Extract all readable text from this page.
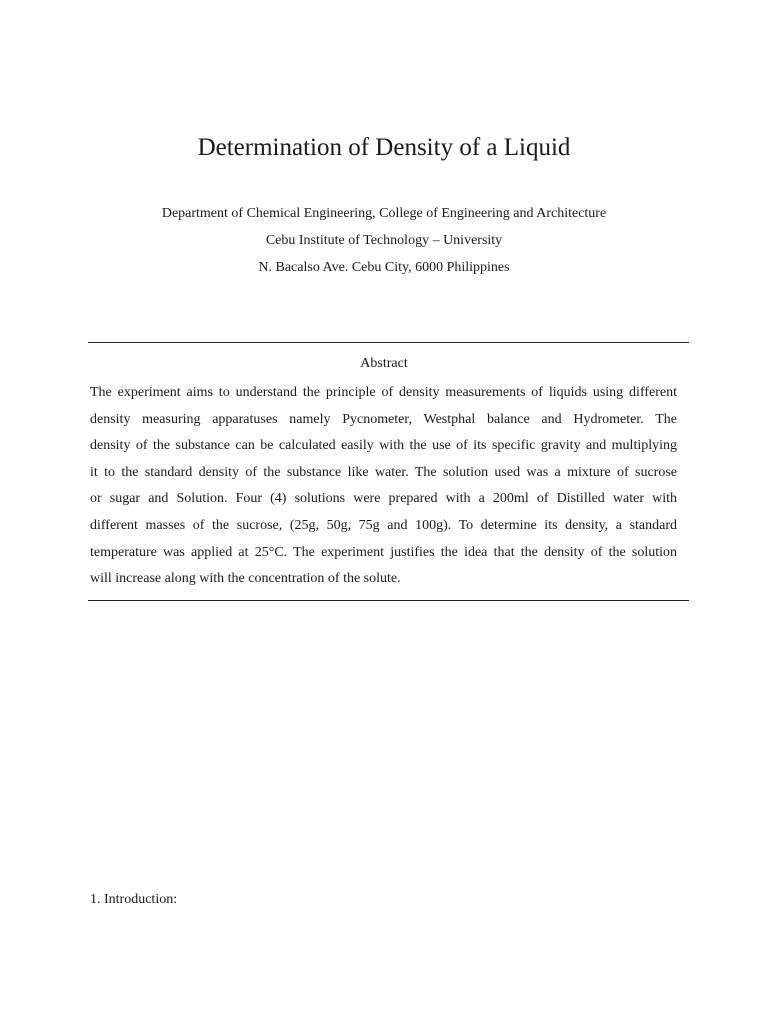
Determination of Density of a Liquid
Department of Chemical Engineering, College of Engineering and Architecture
Cebu Institute of Technology – University
N. Bacalso Ave. Cebu City, 6000 Philippines
Abstract
The experiment aims to understand the principle of density measurements of liquids using different
density measuring apparatuses namely Pycnometer, Westphal balance and Hydrometer. The
density of the substance can be calculated easily with the use of its specific gravity and multiplying
it to the standard density of the substance like water. The solution used was a mixture of sucrose
or sugar and Solution. Four (4) solutions were prepared with a 200ml of Distilled water with
different masses of the sucrose, (25g, 50g, 75g and 100g). To determine its density, a standard
temperature was applied at 25°C. The experiment justifies the idea that the density of the solution
will increase along with the concentration of the solute.
1. Introduction:
